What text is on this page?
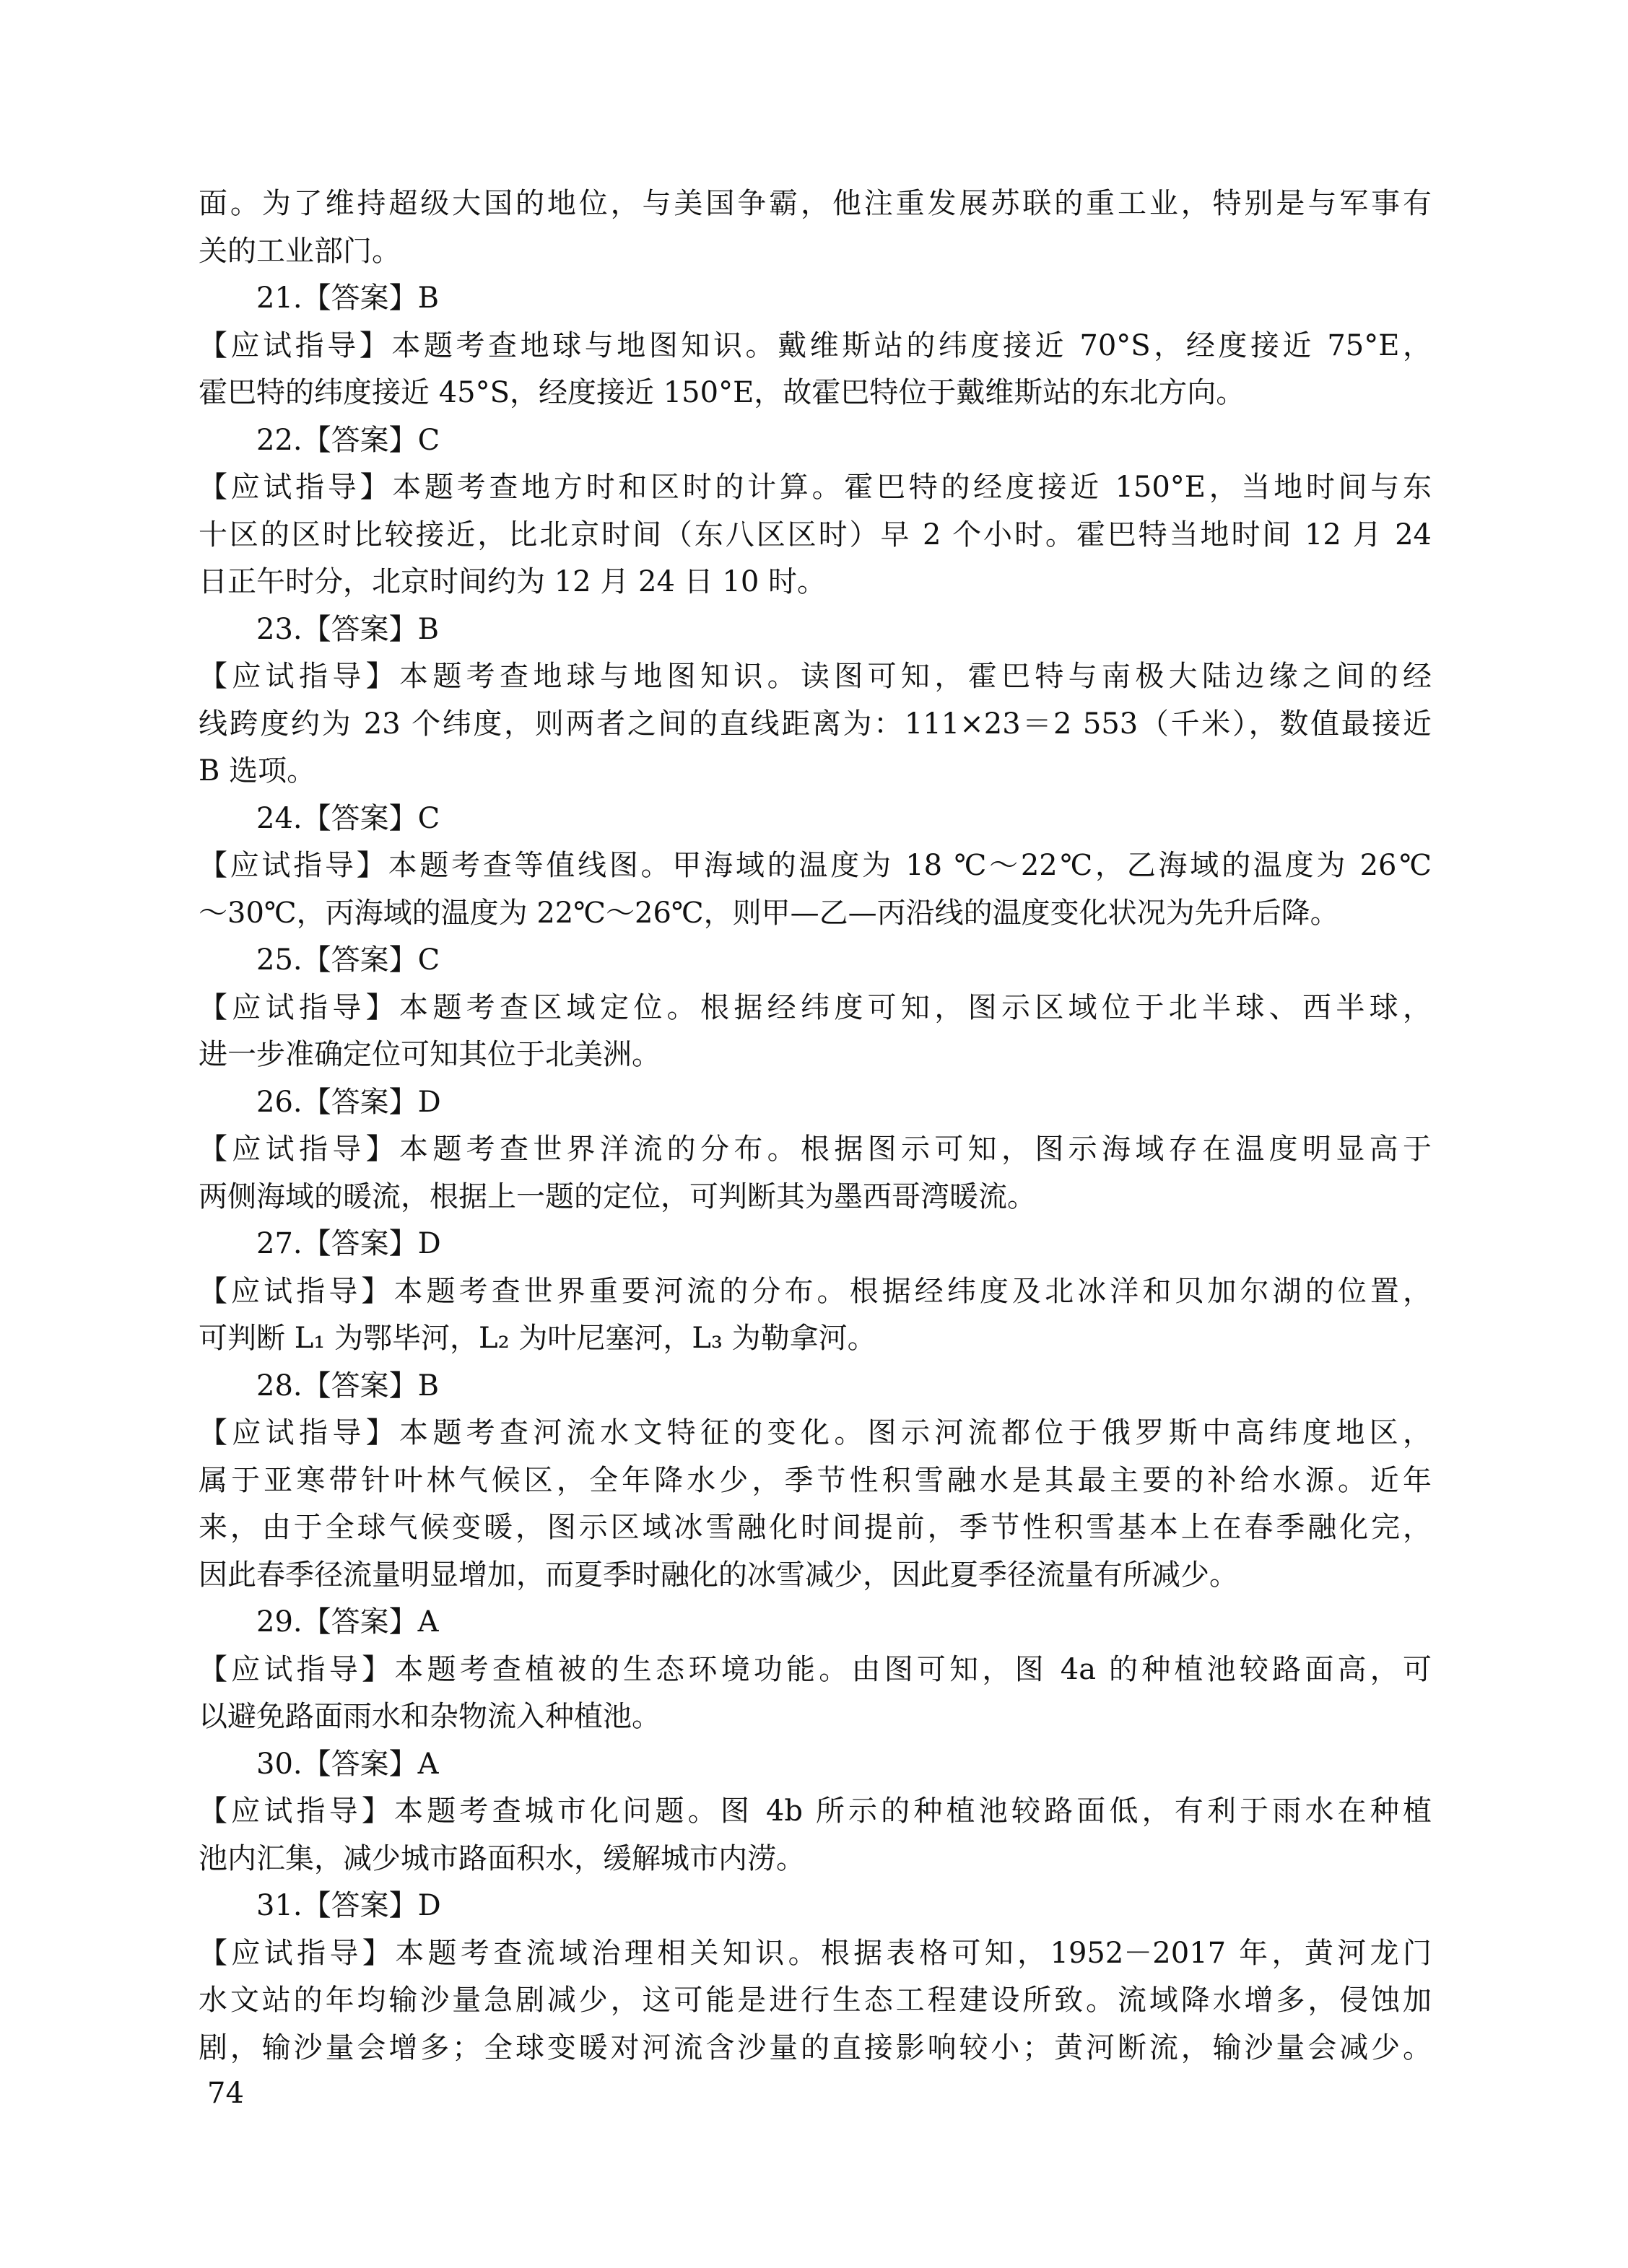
面。为了维持超级大国的地位，与美国争霸，他注重发展苏联的重工业，特别是与军事有

关的工业部门。

21.【答案】B

【应试指导】本题考查地球与地图知识。戴维斯站的纬度接近 70°S，经度接近 75°E，

霍巴特的纬度接近 45°S，经度接近 150°E，故霍巴特位于戴维斯站的东北方向。

22.【答案】C

【应试指导】本题考查地方时和区时的计算。霍巴特的经度接近 150°E，当地时间与东

十区的区时比较接近，比北京时间（东八区区时）早 2 个小时。霍巴特当地时间 12 月 24

日正午时分，北京时间约为 12 月 24 日 10 时。

23.【答案】B

【应试指导】本题考查地球与地图知识。读图可知，霍巴特与南极大陆边缘之间的经

线跨度约为 23 个纬度，则两者之间的直线距离为：111×23＝2 553（千米），数值最接近

B 选项。

24.【答案】C

【应试指导】本题考查等值线图。甲海域的温度为 18 ℃～22℃，乙海域的温度为 26℃

～30℃，丙海域的温度为 22℃～26℃，则甲—乙—丙沿线的温度变化状况为先升后降。

25.【答案】C

【应试指导】本题考查区域定位。根据经纬度可知，图示区域位于北半球、西半球，

进一步准确定位可知其位于北美洲。

26.【答案】D

【应试指导】本题考查世界洋流的分布。根据图示可知，图示海域存在温度明显高于

两侧海域的暖流，根据上一题的定位，可判断其为墨西哥湾暖流。

27.【答案】D

【应试指导】本题考查世界重要河流的分布。根据经纬度及北冰洋和贝加尔湖的位置，

可判断 L₁ 为鄂毕河，L₂ 为叶尼塞河，L₃ 为勒拿河。

28.【答案】B

【应试指导】本题考查河流水文特征的变化。图示河流都位于俄罗斯中高纬度地区，

属于亚寒带针叶林气候区，全年降水少，季节性积雪融水是其最主要的补给水源。近年

来，由于全球气候变暖，图示区域冰雪融化时间提前，季节性积雪基本上在春季融化完，

因此春季径流量明显增加，而夏季时融化的冰雪减少，因此夏季径流量有所减少。

29.【答案】A

【应试指导】本题考查植被的生态环境功能。由图可知，图 4a 的种植池较路面高，可

以避免路面雨水和杂物流入种植池。

30.【答案】A

【应试指导】本题考查城市化问题。图 4b 所示的种植池较路面低，有利于雨水在种植

池内汇集，减少城市路面积水，缓解城市内涝。

31.【答案】D

【应试指导】本题考查流域治理相关知识。根据表格可知，1952－2017 年，黄河龙门

水文站的年均输沙量急剧减少，这可能是进行生态工程建设所致。流域降水增多，侵蚀加

剧，输沙量会增多；全球变暖对河流含沙量的直接影响较小；黄河断流，输沙量会减少。

74
